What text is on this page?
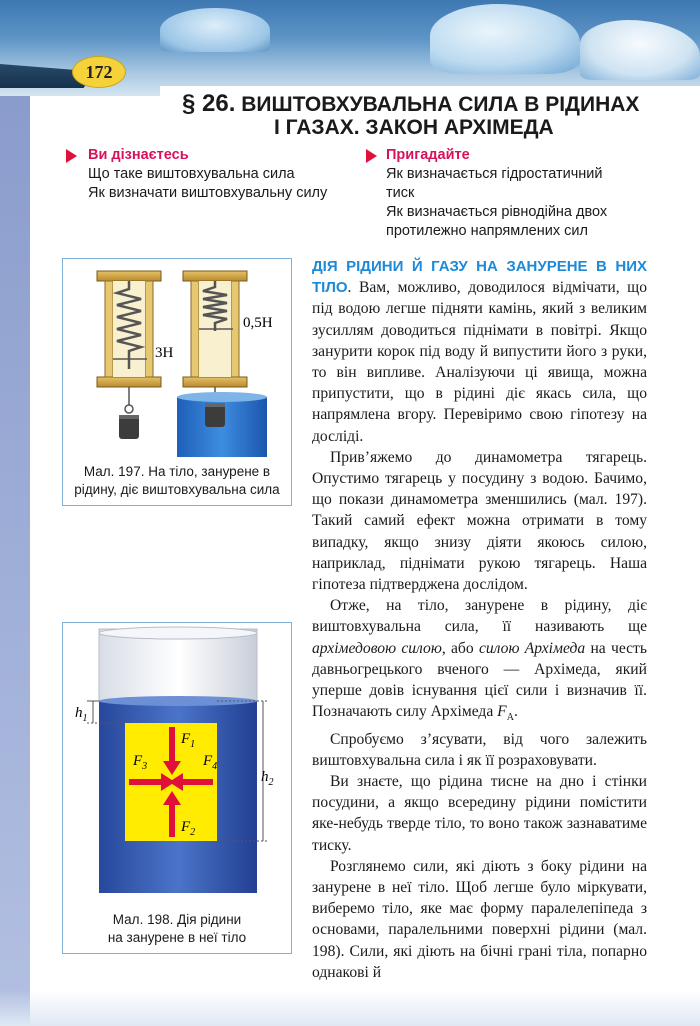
172
§ 26. ВИШТОВХУВАЛЬНА СИЛА В РІДИНАХ
І ГАЗАХ. ЗАКОН АРХІМЕДА
Ви дізнаєтесь
Що таке виштовхувальна сила
Як визначати виштовхувальну силу
Пригадайте
Як визначається гідростатичний
тиск
Як визначається рівнодійна двох
протилежно напрямлених сил
3Н
0,5Н
Мал. 197. На тіло, занурене в
рідину, діє виштовхувальна сила
$h_1$
$h_2$
$F_1$
$F_2$
$F_3$	$F_4$
Мал. 198. Дія рідини
на занурене в неї тіло

ДІЯ РІДИНИ Й ГАЗУ НА ЗАНУРЕНЕ В НИХ ТІЛО. Вам, можливо, доводилося відмічати, що під водою легше підняти камінь, який з великим зусиллям доводиться піднімати в повітрі. Якщо занурити корок під воду й випустити його з руки, то він випливе. Аналізуючи ці явища, можна припустити, що в рідині діє якась сила, що напрямлена вгору. Перевіримо свою гіпотезу на досліді.

Прив’яжемо до динамометра тягарець. Опустимо тягарець у посудину з водою. Бачимо, що покази динамометра зменшились (мал. 197). Такий самий ефект можна отримати в тому випадку, якщо знизу діяти якоюсь силою, наприклад, піднімати рукою тягарець. Наша гіпотеза підтверджена дослідом.

Отже, на тіло, занурене в рідину, діє виштовхувальна сила, її називають ще архімедовою силою, або силою Архімеда на честь давньогрецького вченого — Архімеда, який уперше довів існування цієї сили і визначив її. Позначають силу Архімеда $F_A$.

Спробуємо з’ясувати, від чого залежить виштовхувальна сила і як її розраховувати.

Ви знаєте, що рідина тисне на дно і стінки посудини, а якщо всередину рідини помістити яке-небудь тверде тіло, то воно також зазнаватиме тиску.

Розглянемо сили, які діють з боку рідини на занурене в неї тіло. Щоб легше було міркувати, виберемо тіло, яке має форму паралелепіпеда з основами, паралельними поверхні рідини (мал. 198). Сили, які діють на бічні грані тіла, попарно однакові й
